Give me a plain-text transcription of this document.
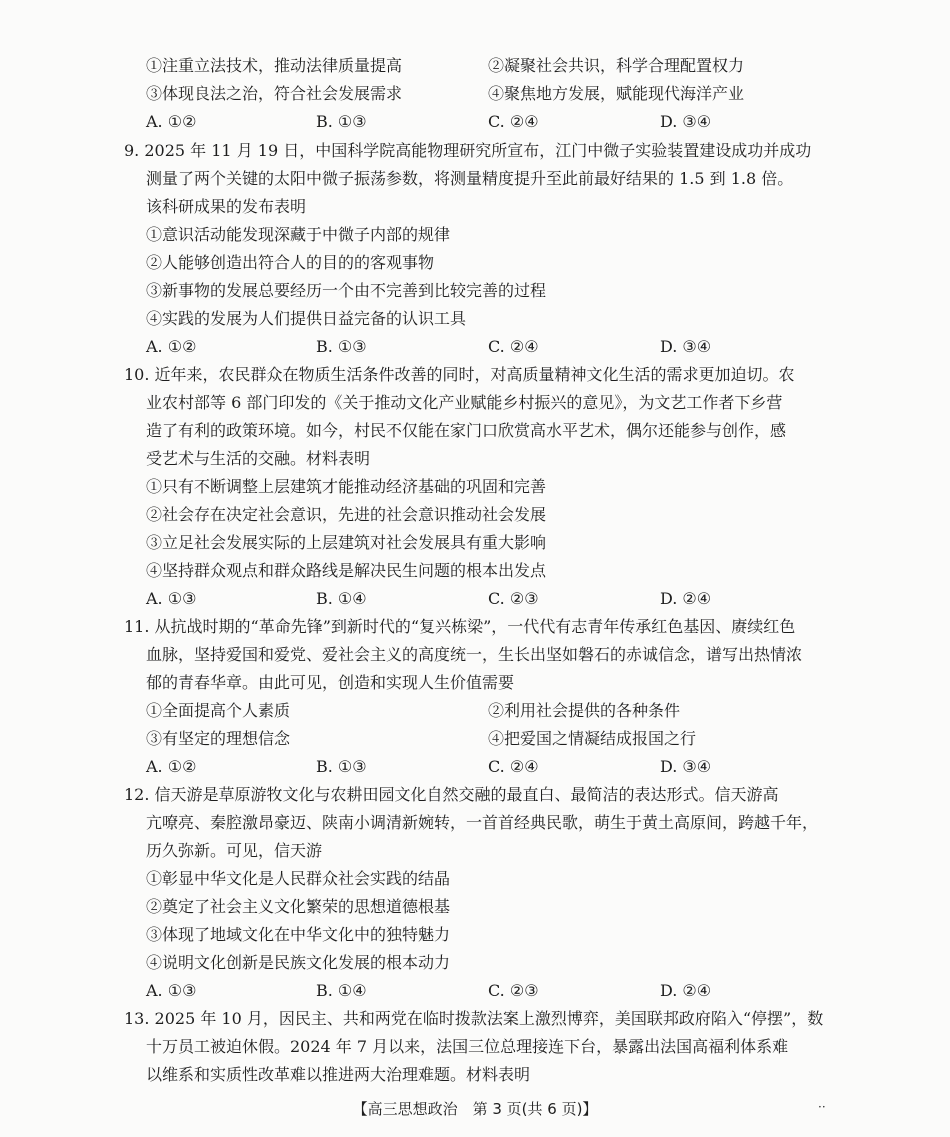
①注重立法技术，推动法律质量提高	②凝聚社会共识，科学合理配置权力
③体现良法之治，符合社会发展需求	④聚焦地方发展，赋能现代海洋产业
A. ①②	B. ①③	C. ②④	D. ③④
9. 2025 年 11 月 19 日，中国科学院高能物理研究所宣布，江门中微子实验装置建设成功并成功
测量了两个关键的太阳中微子振荡参数，将测量精度提升至此前最好结果的 1.5 到 1.8 倍。
该科研成果的发布表明
①意识活动能发现深藏于中微子内部的规律
②人能够创造出符合人的目的的客观事物
③新事物的发展总要经历一个由不完善到比较完善的过程
④实践的发展为人们提供日益完备的认识工具
A. ①②	B. ①③	C. ②④	D. ③④
10. 近年来，农民群众在物质生活条件改善的同时，对高质量精神文化生活的需求更加迫切。农
业农村部等 6 部门印发的《关于推动文化产业赋能乡村振兴的意见》，为文艺工作者下乡营
造了有利的政策环境。如今，村民不仅能在家门口欣赏高水平艺术，偶尔还能参与创作，感
受艺术与生活的交融。材料表明
①只有不断调整上层建筑才能推动经济基础的巩固和完善
②社会存在决定社会意识，先进的社会意识推动社会发展
③立足社会发展实际的上层建筑对社会发展具有重大影响
④坚持群众观点和群众路线是解决民生问题的根本出发点
A. ①③	B. ①④	C. ②③	D. ②④
11. 从抗战时期的“革命先锋”到新时代的“复兴栋梁”，一代代有志青年传承红色基因、赓续红色
血脉，坚持爱国和爱党、爱社会主义的高度统一，生长出坚如磐石的赤诚信念，谱写出热情浓
郁的青春华章。由此可见，创造和实现人生价值需要
①全面提高个人素质	②利用社会提供的各种条件
③有坚定的理想信念	④把爱国之情凝结成报国之行
A. ①②	B. ①③	C. ②④	D. ③④
12. 信天游是草原游牧文化与农耕田园文化自然交融的最直白、最简洁的表达形式。信天游高
亢嘹亮、秦腔激昂豪迈、陕南小调清新婉转，一首首经典民歌，萌生于黄土高原间，跨越千年，
历久弥新。可见，信天游
①彰显中华文化是人民群众社会实践的结晶
②奠定了社会主义文化繁荣的思想道德根基
③体现了地域文化在中华文化中的独特魅力
④说明文化创新是民族文化发展的根本动力
A. ①③	B. ①④	C. ②③	D. ②④
13. 2025 年 10 月，因民主、共和两党在临时拨款法案上激烈博弈，美国联邦政府陷入“停摆”，数
十万员工被迫休假。2024 年 7 月以来，法国三位总理接连下台，暴露出法国高福利体系难
以维系和实质性改革难以推进两大治理难题。材料表明
【高三思想政治　第 3 页(共 6 页)】	··
